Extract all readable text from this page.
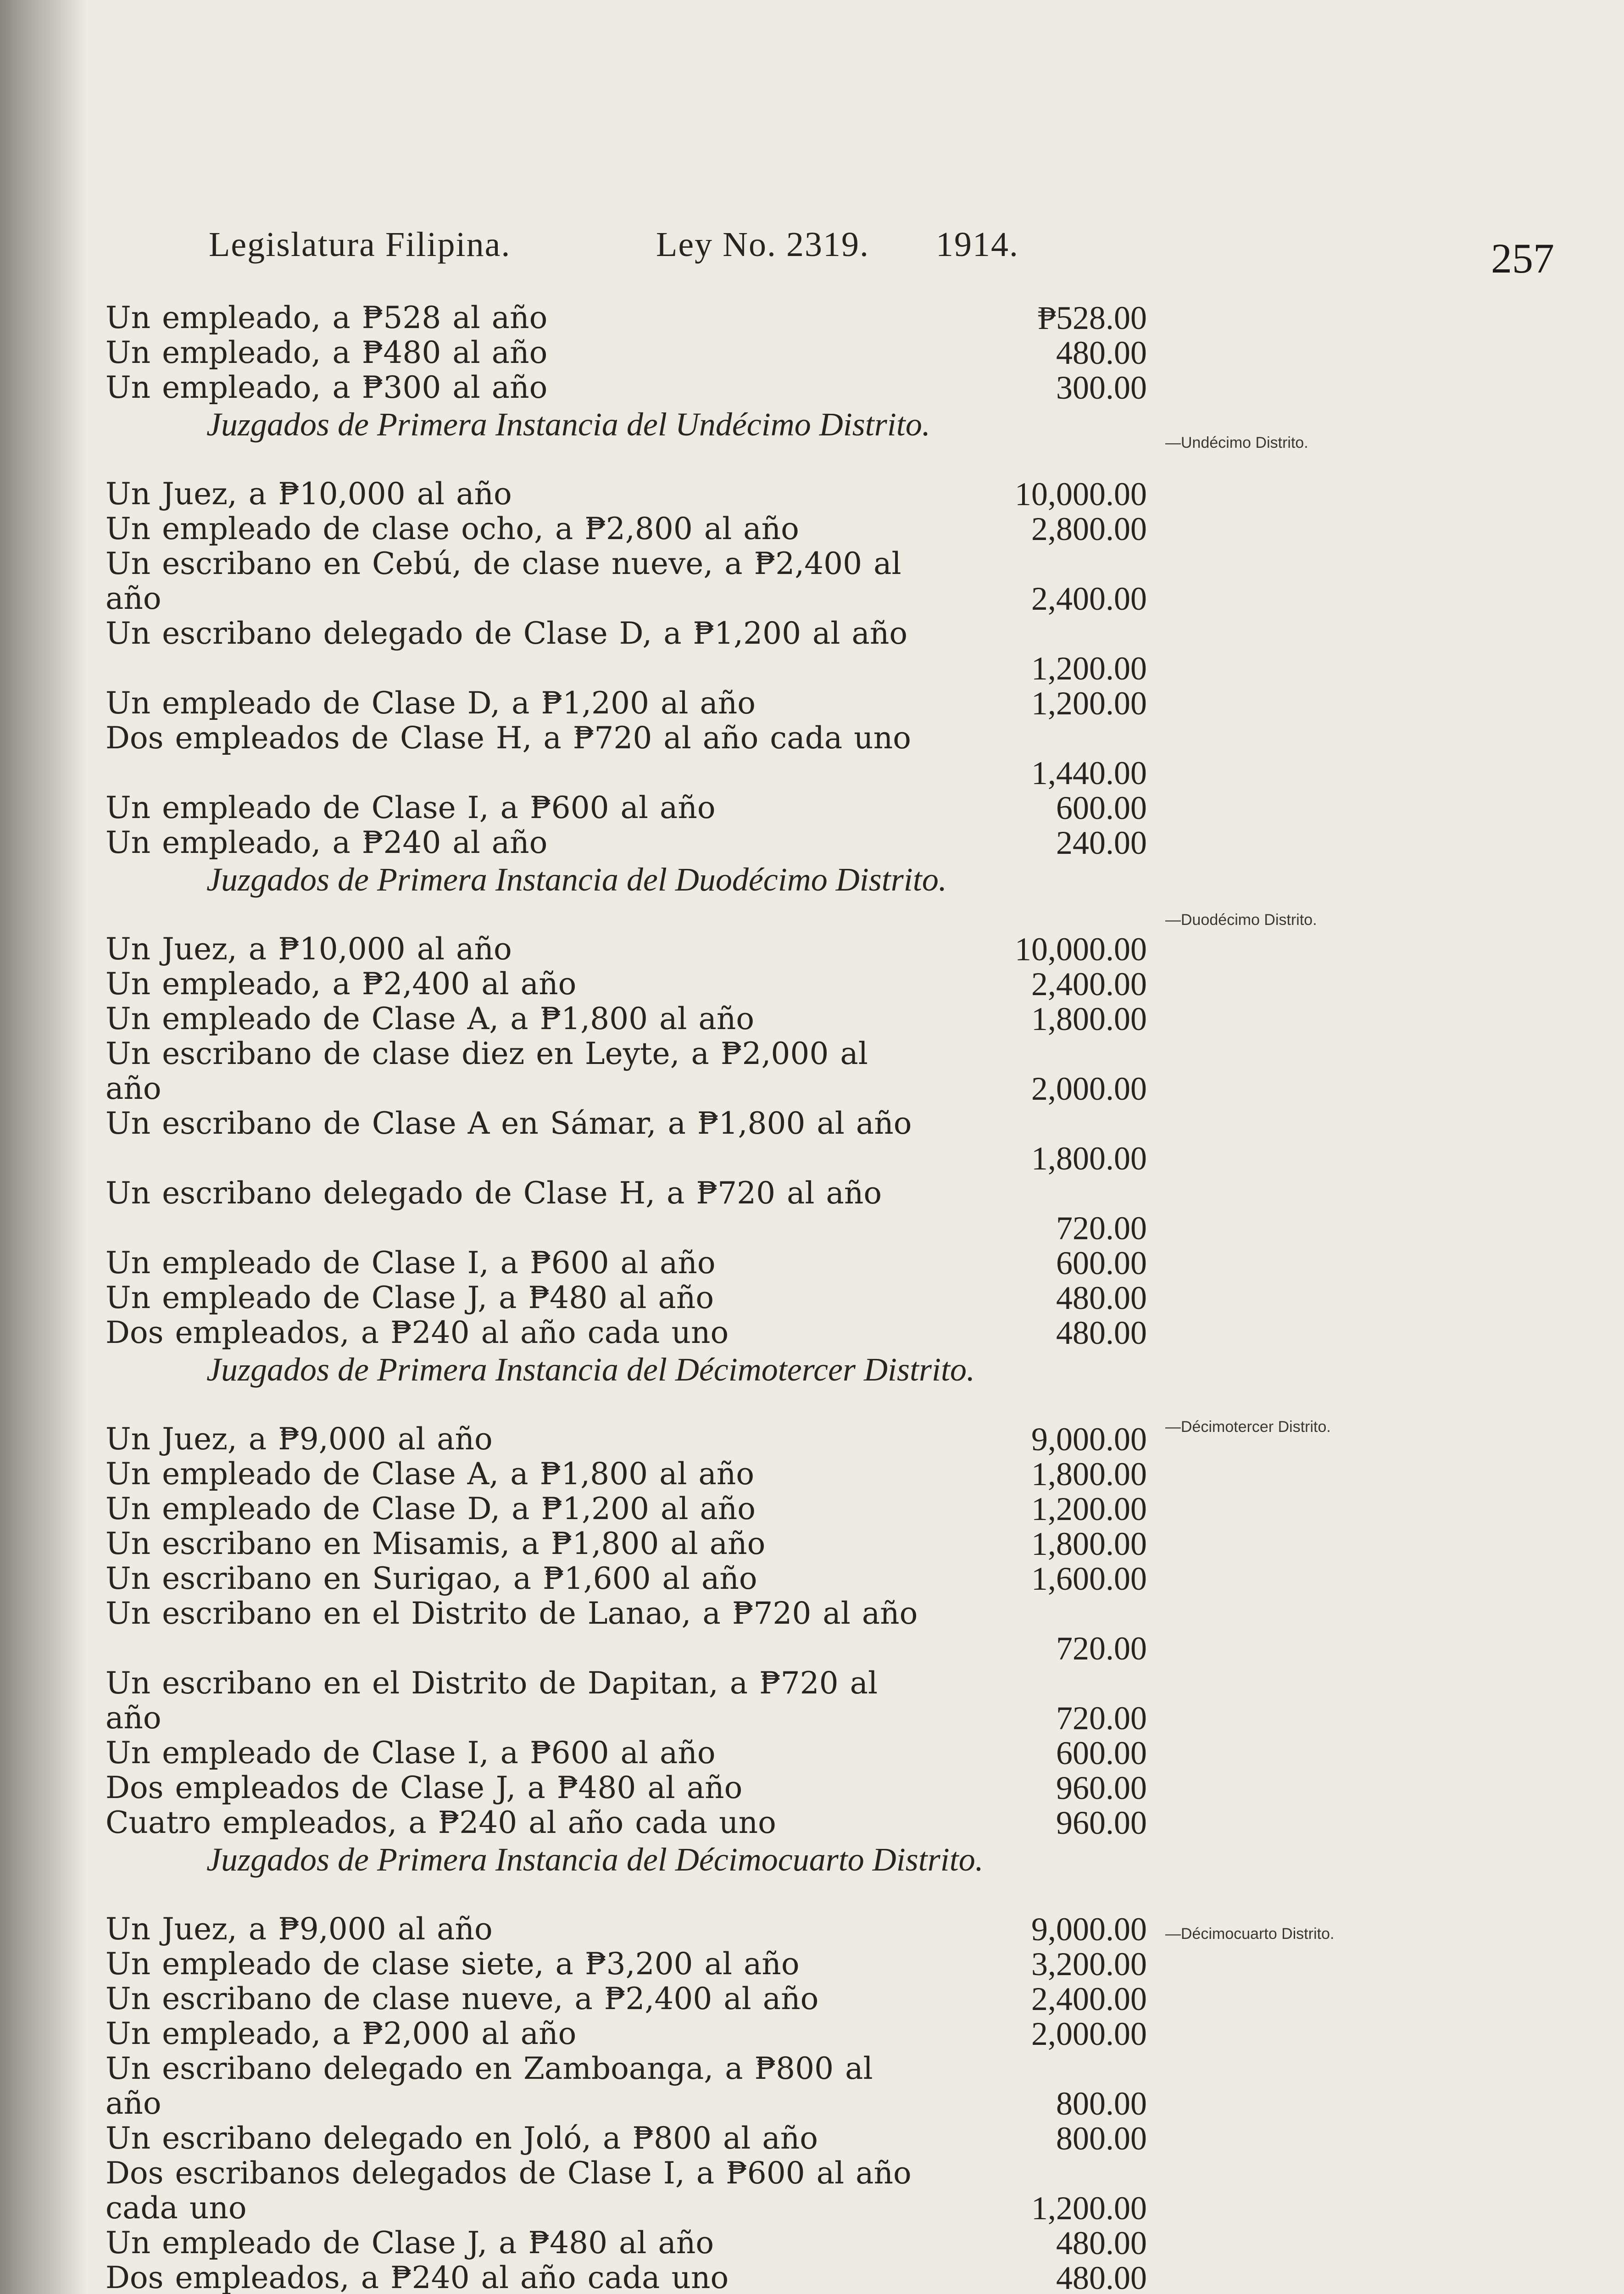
Legislatura Filipina.	Ley No. 2319. 1914.	257
Un empleado, a ₱528 al año	₱528.00
Un empleado, a ₱480 al año	480.00
Un empleado, a ₱300 al año	300.00
Juzgados de Primera Instancia del Undécimo Distrito.
Un Juez, a ₱10,000 al año	10,000.00
Un empleado de clase ocho, a ₱2,800 al año	2,800.00
Un escribano en Cebú, de clase nueve, a ₱2,400 al año	2,400.00
Un escribano delegado de Clase D, a ₱1,200 al año
1,200.00
Un empleado de Clase D, a ₱1,200 al año	1,200.00
Dos empleados de Clase H, a ₱720 al año cada uno
1,440.00
Un empleado de Clase I, a ₱600 al año	600.00
Un empleado, a ₱240 al año	240.00
Juzgados de Primera Instancia del Duodécimo Distrito.
Un Juez, a ₱10,000 al año	10,000.00
Un empleado, a ₱2,400 al año	2,400.00
Un empleado de Clase A, a ₱1,800 al año	1,800.00
Un escribano de clase diez en Leyte, a ₱2,000 al año	2,000.00
Un escribano de Clase A en Sámar, a ₱1,800 al año
1,800.00
Un escribano delegado de Clase H, a ₱720 al año
720.00
Un empleado de Clase I, a ₱600 al año	600.00
Un empleado de Clase J, a ₱480 al año	480.00
Dos empleados, a ₱240 al año cada uno	480.00
Juzgados de Primera Instancia del Décimotercer Distrito.
Un Juez, a ₱9,000 al año	9,000.00
Un empleado de Clase A, a ₱1,800 al año	1,800.00
Un empleado de Clase D, a ₱1,200 al año	1,200.00
Un escribano en Misamis, a ₱1,800 al año	1,800.00
Un escribano en Surigao, a ₱1,600 al año	1,600.00
Un escribano en el Distrito de Lanao, a ₱720 al año
720.00
Un escribano en el Distrito de Dapitan, a ₱720 al año	720.00
Un empleado de Clase I, a ₱600 al año	600.00
Dos empleados de Clase J, a ₱480 al año	960.00
Cuatro empleados, a ₱240 al año cada uno	960.00
Juzgados de Primera Instancia del Décimocuarto Distrito.
Un Juez, a ₱9,000 al año	9,000.00
Un empleado de clase siete, a ₱3,200 al año	3,200.00
Un escribano de clase nueve, a ₱2,400 al año	2,400.00
Un empleado, a ₱2,000 al año	2,000.00
Un escribano delegado en Zamboanga, a ₱800 al año	800.00
Un escribano delegado en Joló, a ₱800 al año	800.00
Dos escribanos delegados de Clase I, a ₱600 al año cada uno	1,200.00
Un empleado de Clase J, a ₱480 al año	480.00
Dos empleados, a ₱240 al año cada uno	480.00
—Undécimo Distrito.
—Duodécimo Distrito.
—Décimotercer Distrito.
—Décimocuarto Distrito.
